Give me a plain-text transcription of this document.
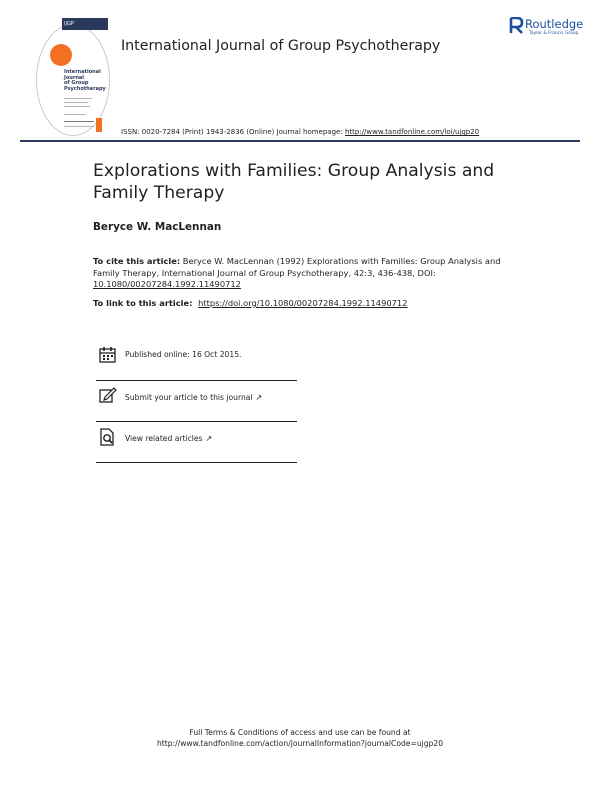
IJGP
International
Journal
of Group
Psychotherapy
International Journal of Group Psychotherapy
Routledge
Taylor & Francis Group
ISSN: 0020-7284 (Print) 1943-2836 (Online) Journal homepage: http://www.tandfonline.com/loi/ujgp20
Explorations with Families: Group Analysis and Family Therapy
Beryce W. MacLennan
To cite this article: Beryce W. MacLennan (1992) Explorations with Families: Group Analysis and Family Therapy, International Journal of Group Psychotherapy, 42:3, 436-438, DOI: 10.1080/00207284.1992.11490712
To link to this article: https://doi.org/10.1080/00207284.1992.11490712
Published online: 16 Oct 2015.
Submit your article to this journal ↗
View related articles ↗
Full Terms & Conditions of access and use can be found at
http://www.tandfonline.com/action/journalInformation?journalCode=ujgp20
